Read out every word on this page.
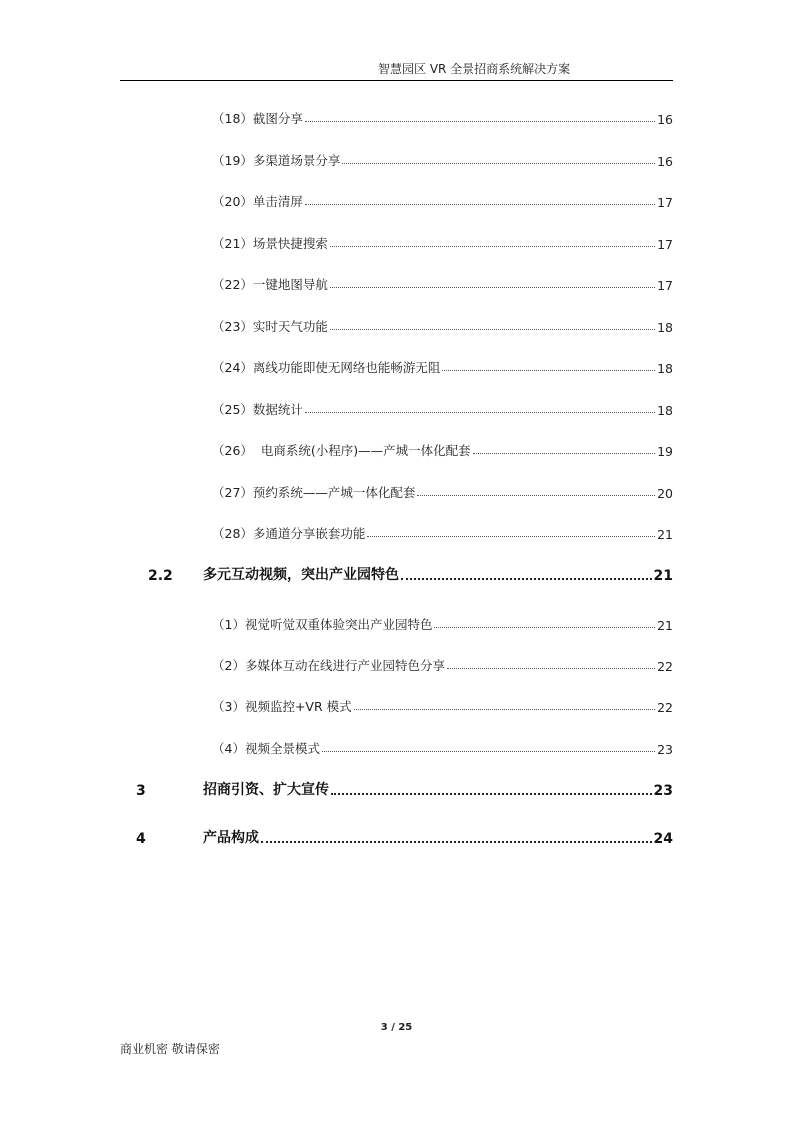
智慧园区 VR 全景招商系统解决方案
（18）截图分享	16
（19）多渠道场景分享	16
（20）单击清屏	17
（21）场景快捷搜索	17
（22）一键地图导航	17
（23）实时天气功能	18
（24）离线功能即使无网络也能畅游无阻	18
（25）数据统计	18
（26）  电商系统(小程序)——产城一体化配套	19
（27）预约系统——产城一体化配套	20
（28）多通道分享嵌套功能	21
2.2 多元互动视频，突出产业园特色	21
（1）视觉听觉双重体验突出产业园特色	21
（2）多媒体互动在线进行产业园特色分享	22
（3）视频监控+VR 模式	22
（4）视频全景模式	23
3	招商引资、扩大宣传	23
4	产品构成	24
3 / 25
商业机密 敬请保密
